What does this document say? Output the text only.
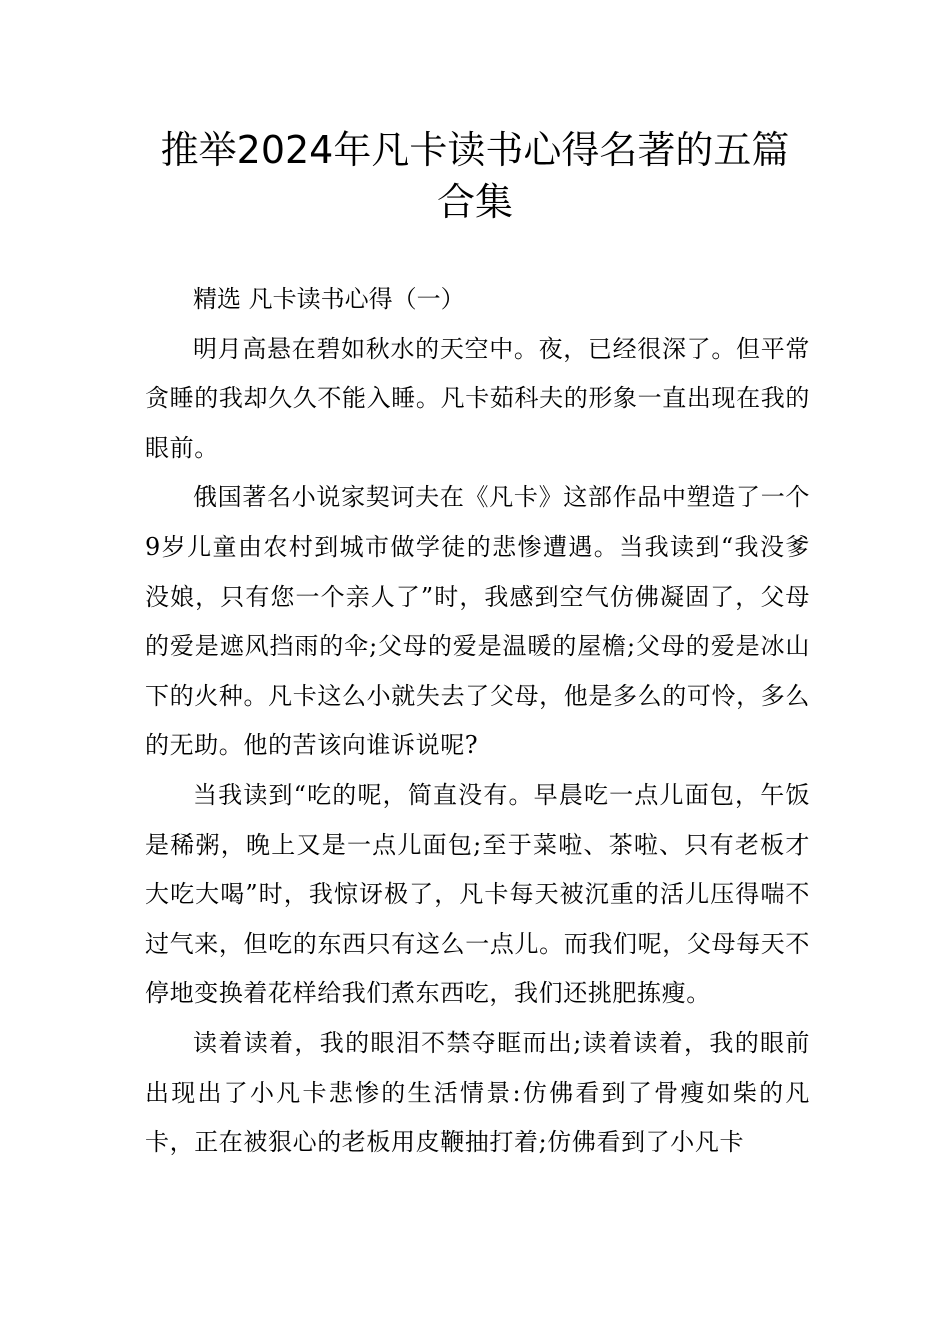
推举2024年凡卡读书心得名著的五篇
合集
精选 凡卡读书心得（一）

明月高悬在碧如秋水的天空中。夜，已经很深了。但平常贪睡的我却久久不能入睡。凡卡茹科夫的形象一直出现在我的眼前。

俄国著名小说家契诃夫在《凡卡》这部作品中塑造了一个9岁儿童由农村到城市做学徒的悲惨遭遇。当我读到“我没爹没娘，只有您一个亲人了”时，我感到空气仿佛凝固了，父母的爱是遮风挡雨的伞;父母的爱是温暖的屋檐;父母的爱是冰山下的火种。凡卡这么小就失去了父母，他是多么的可怜，多么的无助。他的苦该向谁诉说呢?

当我读到“吃的呢，简直没有。早晨吃一点儿面包，午饭是稀粥，晚上又是一点儿面包;至于菜啦、茶啦、只有老板才大吃大喝”时，我惊讶极了，凡卡每天被沉重的活儿压得喘不过气来，但吃的东西只有这么一点儿。而我们呢，父母每天不停地变换着花样给我们煮东西吃，我们还挑肥拣瘦。

读着读着，我的眼泪不禁夺眶而出;读着读着，我的眼前出现出了小凡卡悲惨的生活情景:仿佛看到了骨瘦如柴的凡卡，正在被狠心的老板用皮鞭抽打着;仿佛看到了小凡卡
